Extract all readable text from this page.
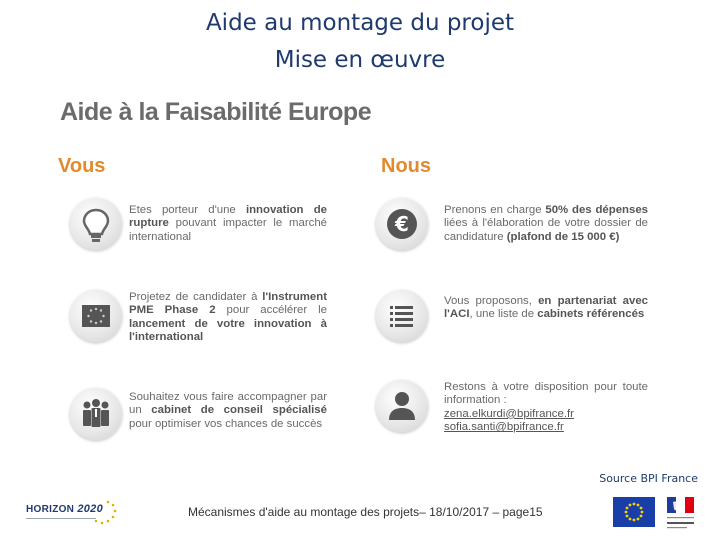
Aide au montage du projet
Mise en œuvre
Aide à la Faisabilité Europe
Vous	Nous
Etes porteur d'une innovation de rupture pouvant impacter le marché international
Projetez de candidater à l'Instrument PME Phase 2 pour accélérer le lancement de votre innovation à l'international
Souhaitez vous faire accompagner par un cabinet de conseil spécialisé pour optimiser vos chances de succès
€
Prenons en charge 50% des dépenses liées à l'élaboration de votre dossier de candidature (plafond de 15 000 €)
Vous proposons, en partenariat avec l'ACI, une liste de cabinets référencés
Restons à votre disposition pour toute information :
zena.elkurdi@bpifrance.fr
sofia.santi@bpifrance.fr
Source BPI France
HORIZON 2020	Mécanismes d'aide au montage des projets– 18/10/2017 – page15
